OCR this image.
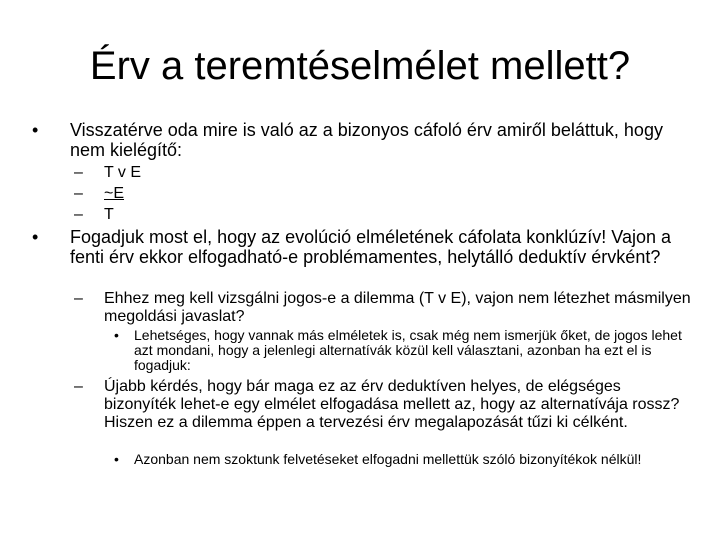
Érv a teremtéselmélet mellett?
• Visszatérve oda mire is való az a bizonyos cáfoló érv amiről beláttuk, hogy nem kielégítő:
– T v E
– ~E
– T
• Fogadjuk most el, hogy az evolúció elméletének cáfolata konklúzív! Vajon a fenti érv ekkor elfogadható-e problémamentes, helytálló deduktív érvként?
– Ehhez meg kell vizsgálni jogos-e a dilemma (T v E), vajon nem létezhet másmilyen megoldási javaslat?
• Lehetséges, hogy vannak más elméletek is, csak még nem ismerjük őket, de jogos lehet azt mondani, hogy a jelenlegi alternatívák közül kell választani, azonban ha ezt el is fogadjuk:
– Újabb kérdés, hogy bár maga ez az érv deduktíven helyes, de elégséges bizonyíték lehet-e egy elmélet elfogadása mellett az, hogy az alternatívája rossz? Hiszen ez a dilemma éppen a tervezési érv megalapozását tűzi ki célként.
• Azonban nem szoktunk felvetéseket elfogadni mellettük szóló bizonyítékok nélkül!
